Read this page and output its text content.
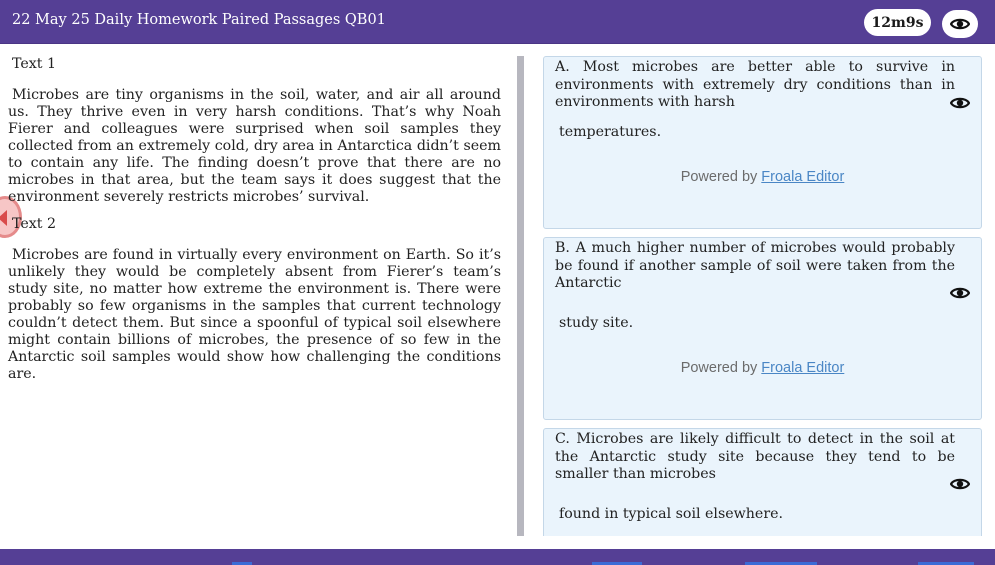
22 May 25 Daily Homework Paired Passages QB01	12m9s
Text 1

Microbes are tiny organisms in the soil, water, and air all around us. They thrive even in very harsh conditions. That’s why Noah Fierer and colleagues were surprised when soil samples they collected from an extremely cold, dry area in Antarctica didn’t seem to contain any life. The finding doesn’t prove that there are no microbes in that area, but the team says it does suggest that the environment severely restricts microbes’ survival.

Text 2

Microbes are found in virtually every environment on Earth. So it’s unlikely they would be completely absent from Fierer’s team’s study site, no matter how extreme the environment is. There were probably so few organisms in the samples that current technology couldn’t detect them. But since a spoonful of typical soil elsewhere might contain billions of microbes, the presence of so few in the Antarctic soil samples would show how challenging the conditions are.

A. Most microbes are better able to survive in environments with extremely dry conditions than in environments with harsh
temperatures.
Powered by Froala Editor
B. A much higher number of microbes would probably be found if another sample of soil were taken from the Antarctic
study site.
Powered by Froala Editor
C. Microbes are likely difficult to detect in the soil at the Antarctic study site because they tend to be smaller than microbes
found in typical soil elsewhere.
